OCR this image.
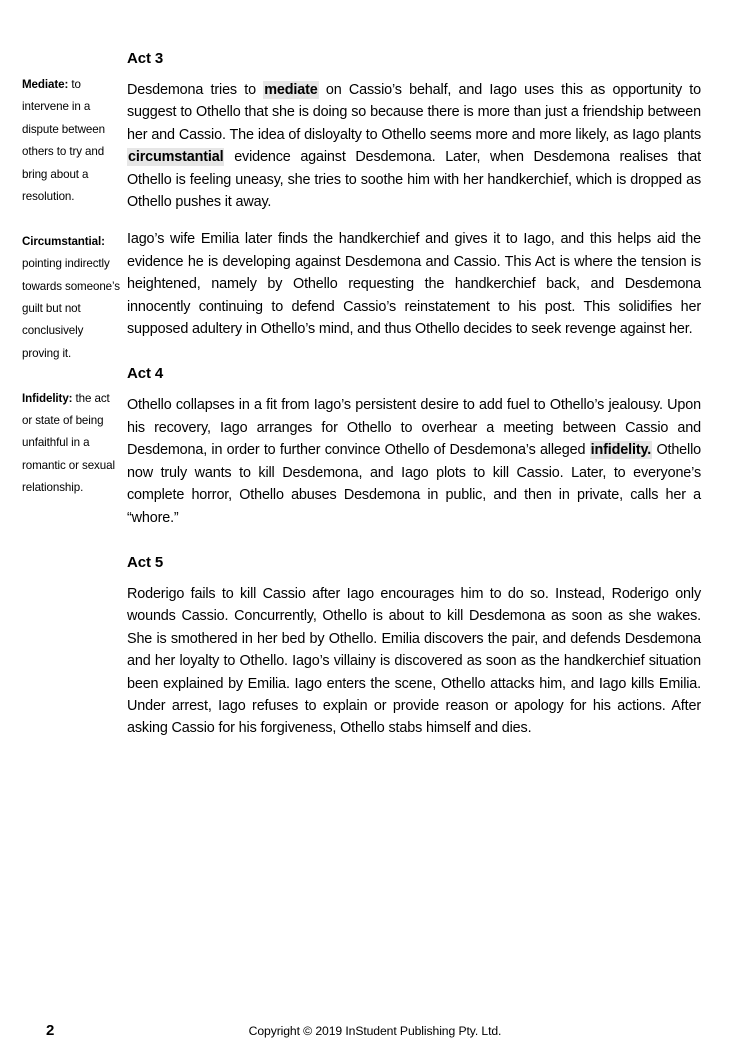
Mediate: to intervene in a dispute between others to try and bring about a resolution.
Circumstantial: pointing indirectly towards someone’s guilt but not conclusively proving it.
Infidelity: the act or state of being unfaithful in a romantic or sexual relationship.
Act 3

Desdemona tries to mediate on Cassio’s behalf, and Iago uses this as opportunity to suggest to Othello that she is doing so because there is more than just a friendship between her and Cassio. The idea of disloyalty to Othello seems more and more likely, as Iago plants circumstantial evidence against Desdemona. Later, when Desdemona realises that Othello is feeling uneasy, she tries to soothe him with her handkerchief, which is dropped as Othello pushes it away.

Iago’s wife Emilia later finds the handkerchief and gives it to Iago, and this helps aid the evidence he is developing against Desdemona and Cassio. This Act is where the tension is heightened, namely by Othello requesting the handkerchief back, and Desdemona innocently continuing to defend Cassio’s reinstatement to his post. This solidifies her supposed adultery in Othello’s mind, and thus Othello decides to seek revenge against her.

Act 4

Othello collapses in a fit from Iago’s persistent desire to add fuel to Othello’s jealousy. Upon his recovery, Iago arranges for Othello to overhear a meeting between Cassio and Desdemona, in order to further convince Othello of Desdemona’s alleged infidelity. Othello now truly wants to kill Desdemona, and Iago plots to kill Cassio. Later, to everyone’s complete horror, Othello abuses Desdemona in public, and then in private, calls her a “whore.”

Act 5

Roderigo fails to kill Cassio after Iago encourages him to do so. Instead, Roderigo only wounds Cassio. Concurrently, Othello is about to kill Desdemona as soon as she wakes. She is smothered in her bed by Othello. Emilia discovers the pair, and defends Desdemona and her loyalty to Othello. Iago’s villainy is discovered as soon as the handkerchief situation been explained by Emilia. Iago enters the scene, Othello attacks him, and Iago kills Emilia. Under arrest, Iago refuses to explain or provide reason or apology for his actions. After asking Cassio for his forgiveness, Othello stabs himself and dies.

2	Copyright © 2019 InStudent Publishing Pty. Ltd.
